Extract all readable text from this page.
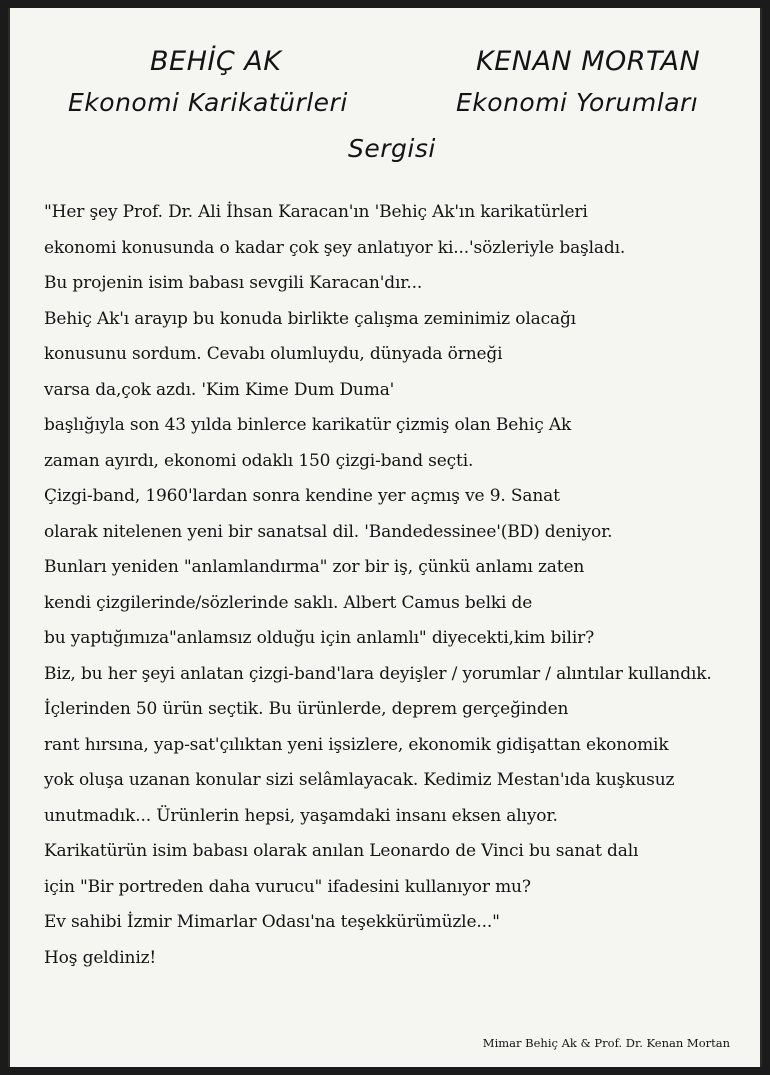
BEHİÇ AK
Ekonomi Karikatürleri
KENAN MORTAN
Ekonomi Yorumları
Sergisi
"Her şey Prof. Dr. Ali İhsan Karacan'ın 'Behiç Ak'ın karikatürleri
ekonomi konusunda o kadar çok şey anlatıyor ki...'sözleriyle başladı.
Bu projenin isim babası sevgili Karacan'dır...
Behiç Ak'ı arayıp bu konuda birlikte çalışma zeminimiz olacağı
konusunu sordum. Cevabı olumluydu, dünyada örneği
varsa da,çok azdı. 'Kim Kime Dum Duma'
başlığıyla son 43 yılda binlerce karikatür çizmiş olan Behiç Ak
zaman ayırdı, ekonomi odaklı 150 çizgi-band seçti.
Çizgi-band, 1960'lardan sonra kendine yer açmış ve 9. Sanat
olarak nitelenen yeni bir sanatsal dil. 'Bandedessinee'(BD) deniyor.
Bunları yeniden "anlamlandırma" zor bir iş, çünkü anlamı zaten
kendi çizgilerinde/sözlerinde saklı. Albert Camus belki de
bu yaptığımıza"anlamsız olduğu için anlamlı" diyecekti,kim bilir?
Biz, bu her şeyi anlatan çizgi-band'lara deyişler / yorumlar / alıntılar kullandık.
İçlerinden 50 ürün seçtik. Bu ürünlerde, deprem gerçeğinden
rant hırsına, yap-sat'çılıktan yeni işsizlere, ekonomik gidişattan ekonomik
yok oluşa uzanan konular sizi selâmlayacak. Kedimiz Mestan'ıda kuşkusuz
unutmadık... Ürünlerin hepsi, yaşamdaki insanı eksen alıyor.
Karikatürün isim babası olarak anılan Leonardo de Vinci bu sanat dalı
için "Bir portreden daha vurucu" ifadesini kullanıyor mu?
Ev sahibi İzmir Mimarlar Odası'na teşekkürümüzle..."
Hoş geldiniz!
Mimar Behiç Ak & Prof. Dr. Kenan Mortan
